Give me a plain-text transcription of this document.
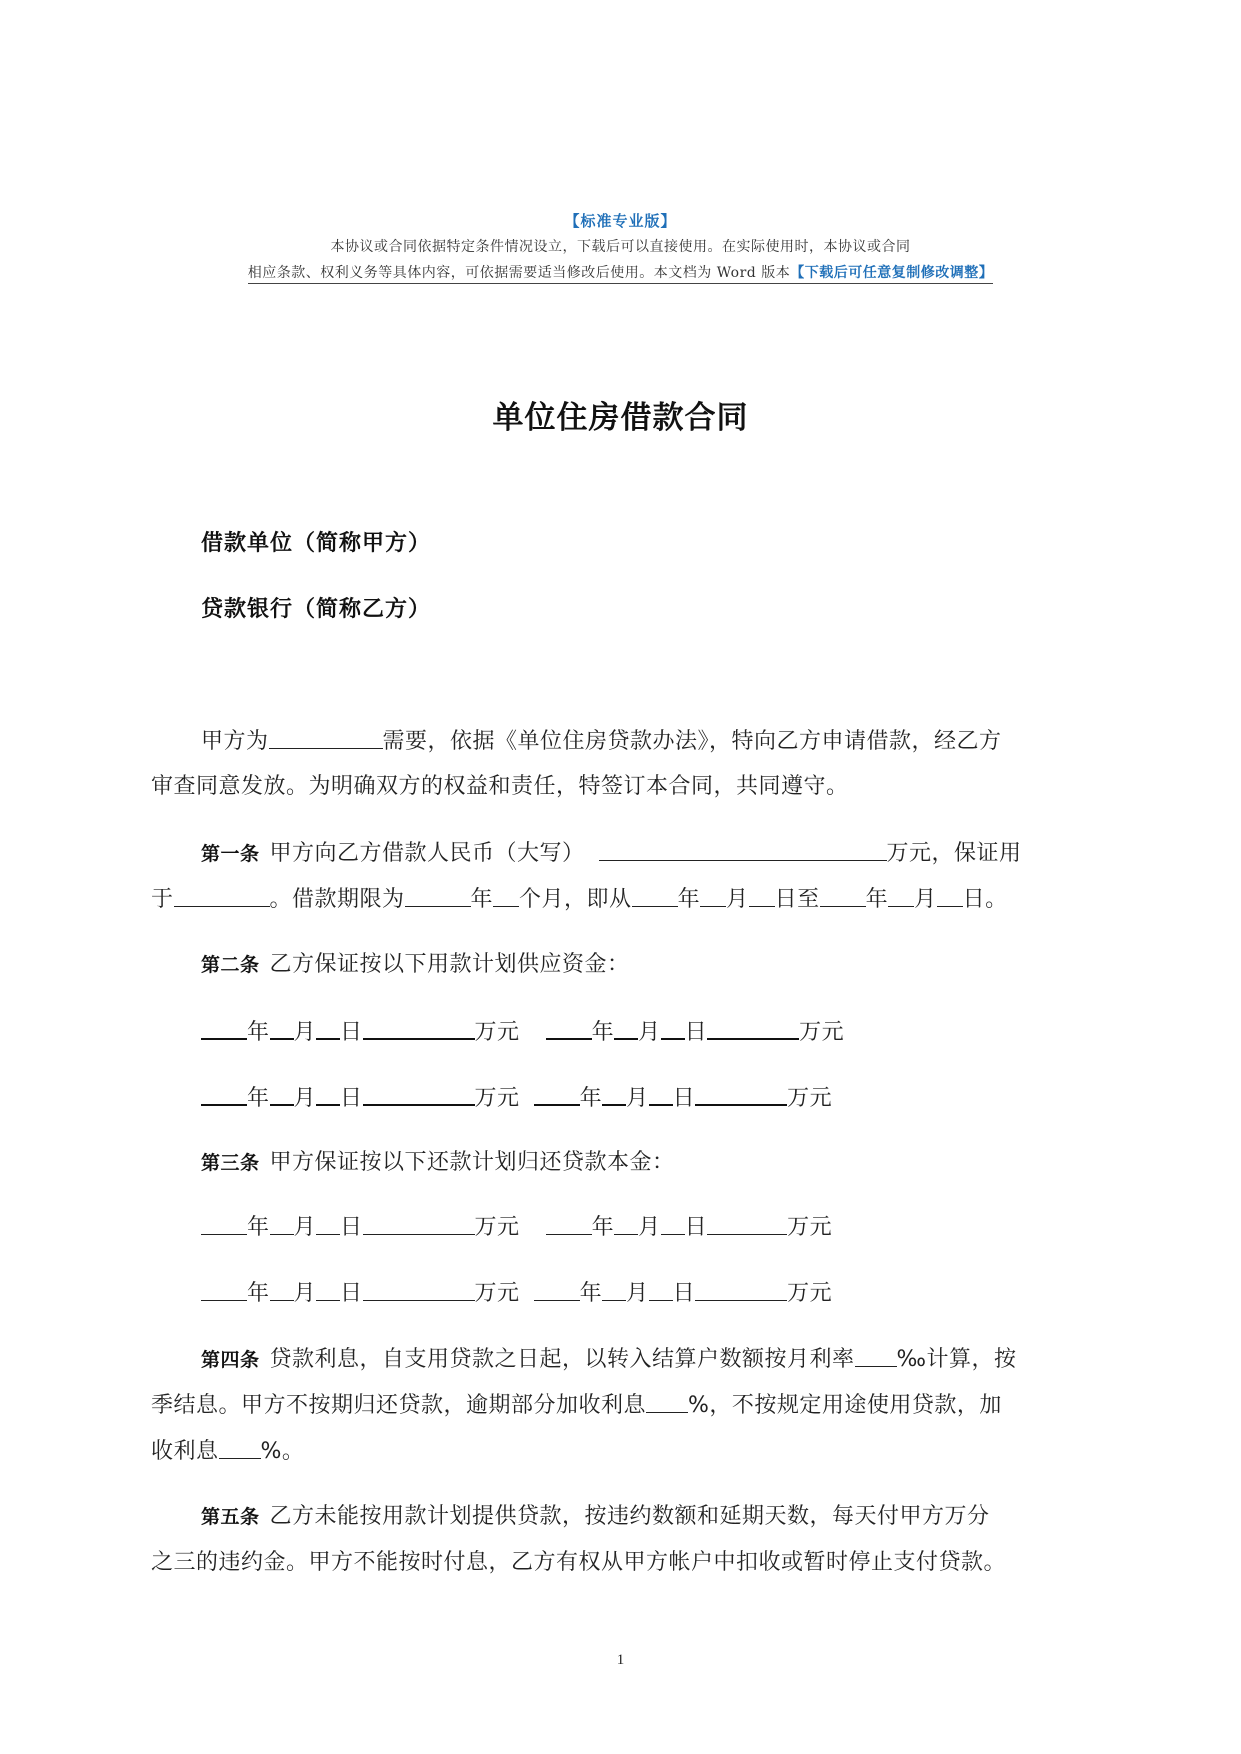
【标准专业版】
本协议或合同依据特定条件情况设立，下载后可以直接使用。在实际使用时，本协议或合同
相应条款、权利义务等具体内容，可依据需要适当修改后使用。本文档为 Word 版本【下载后可任意复制修改调整】
单位住房借款合同
借款单位（简称甲方）
贷款银行（简称乙方）
甲方为	需要，依据《单位住房贷款办法》，特向乙方申请借款，经乙方
审查同意发放。为明确双方的权益和责任，特签订本合同，共同遵守。
第一条 甲方向乙方借款人民币（大写）	万元，保证用
于	。借款期限为	年 个月，即从 年 月 日至 年 月 日。
第二条 乙方保证按以下用款计划供应资金：
年 月 日	万元	年 月 日	万元
年 月 日	万元	年 月 日	万元
第三条 甲方保证按以下还款计划归还贷款本金：
年 月 日	万元	年 月 日	万元
年 月 日	万元	年 月 日	万元
第四条 贷款利息，自支用贷款之日起，以转入结算户数额按月利率 ‰计算，按
季结息。甲方不按期归还贷款，逾期部分加收利息 %，不按规定用途使用贷款，加
收利息 %。
第五条 乙方未能按用款计划提供贷款，按违约数额和延期天数，每天付甲方万分
之三的违约金。甲方不能按时付息，乙方有权从甲方帐户中扣收或暂时停止支付贷款。
1
